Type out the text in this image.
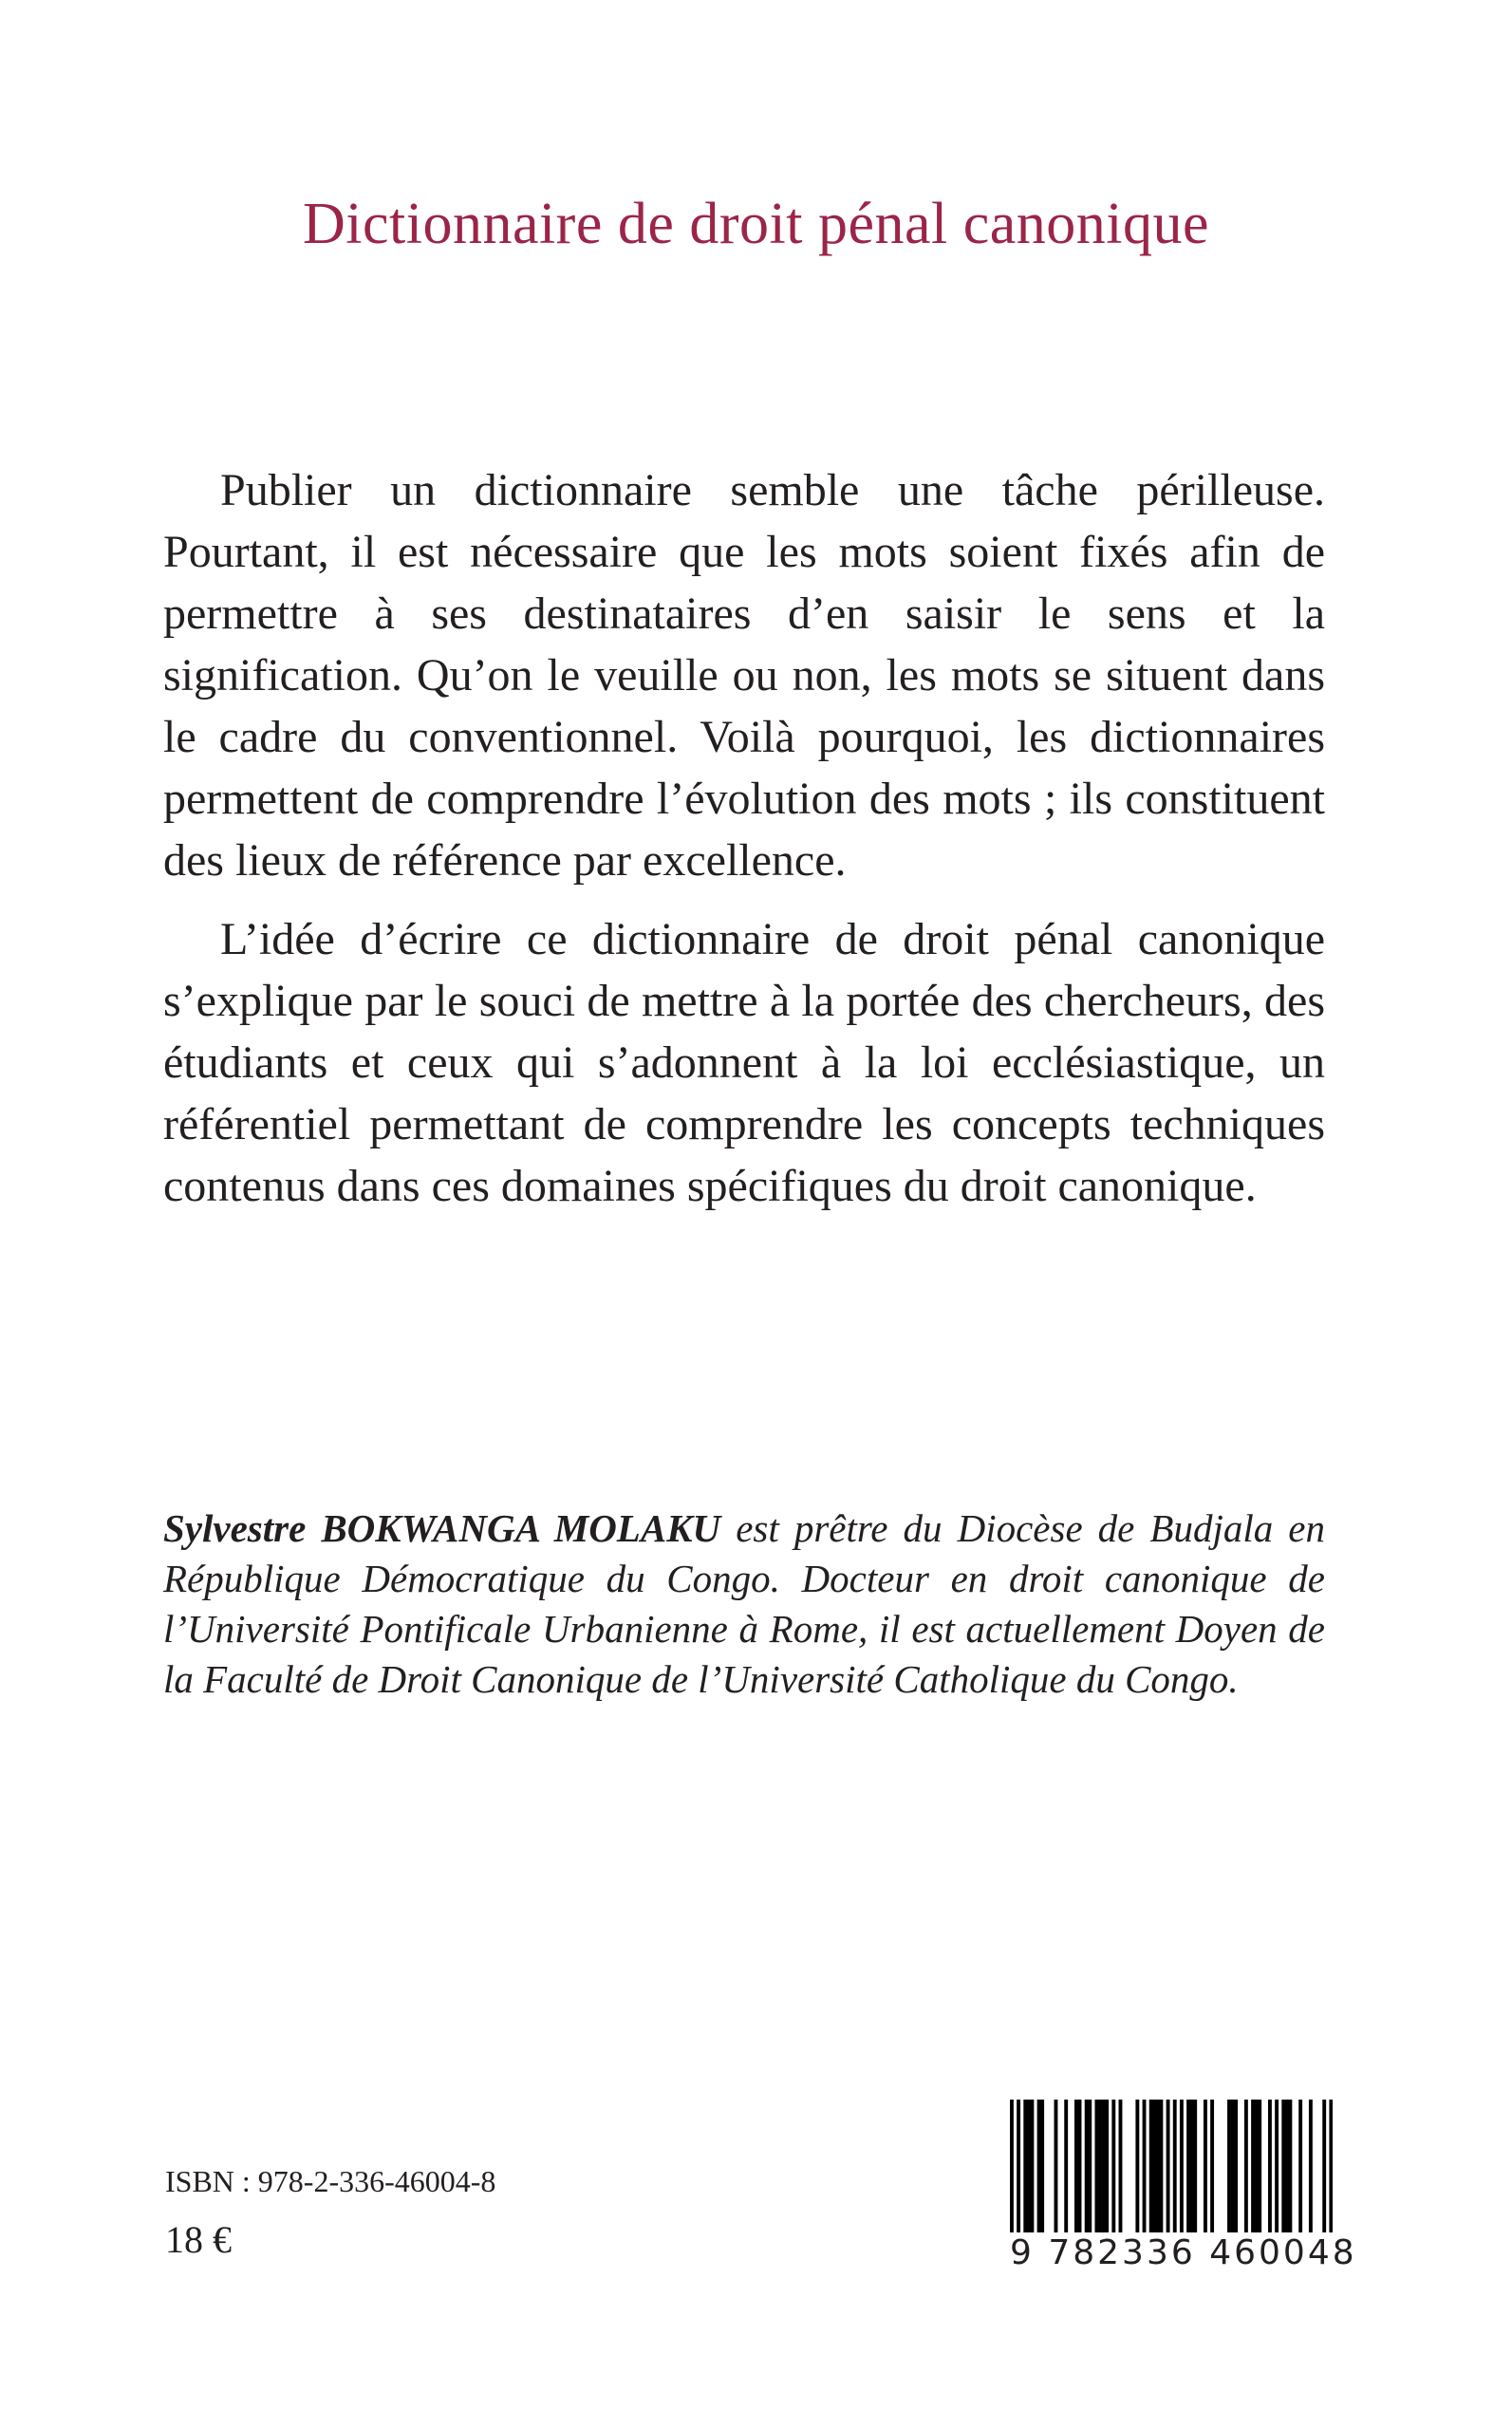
Dictionnaire de droit pénal canonique

Publier un dictionnaire semble une tâche périlleuse. Pourtant, il est nécessaire que les mots soient fixés afin de permettre à ses destinataires d’en saisir le sens et la signification. Qu’on le veuille ou non, les mots se situent dans le cadre du conventionnel. Voilà pourquoi, les dictionnaires permettent de comprendre l’évolution des mots ; ils constituent des lieux de référence par excellence.

L’idée d’écrire ce dictionnaire de droit pénal canonique s’explique par le souci de mettre à la portée des chercheurs, des étudiants et ceux qui s’adonnent à la loi ecclésiastique, un référentiel permettant de comprendre les concepts techniques contenus dans ces domaines spécifiques du droit canonique.

Sylvestre BOKWANGA MOLAKU est prêtre du Diocèse de Budjala en République Démocratique du Congo. Docteur en droit canonique de l’Université Pontificale Urbanienne à Rome, il est actuellement Doyen de la Faculté de Droit Canonique de l’Université Catholique du Congo.

ISBN : 978-2-336-46004-8

18 €	9 782336 460048
